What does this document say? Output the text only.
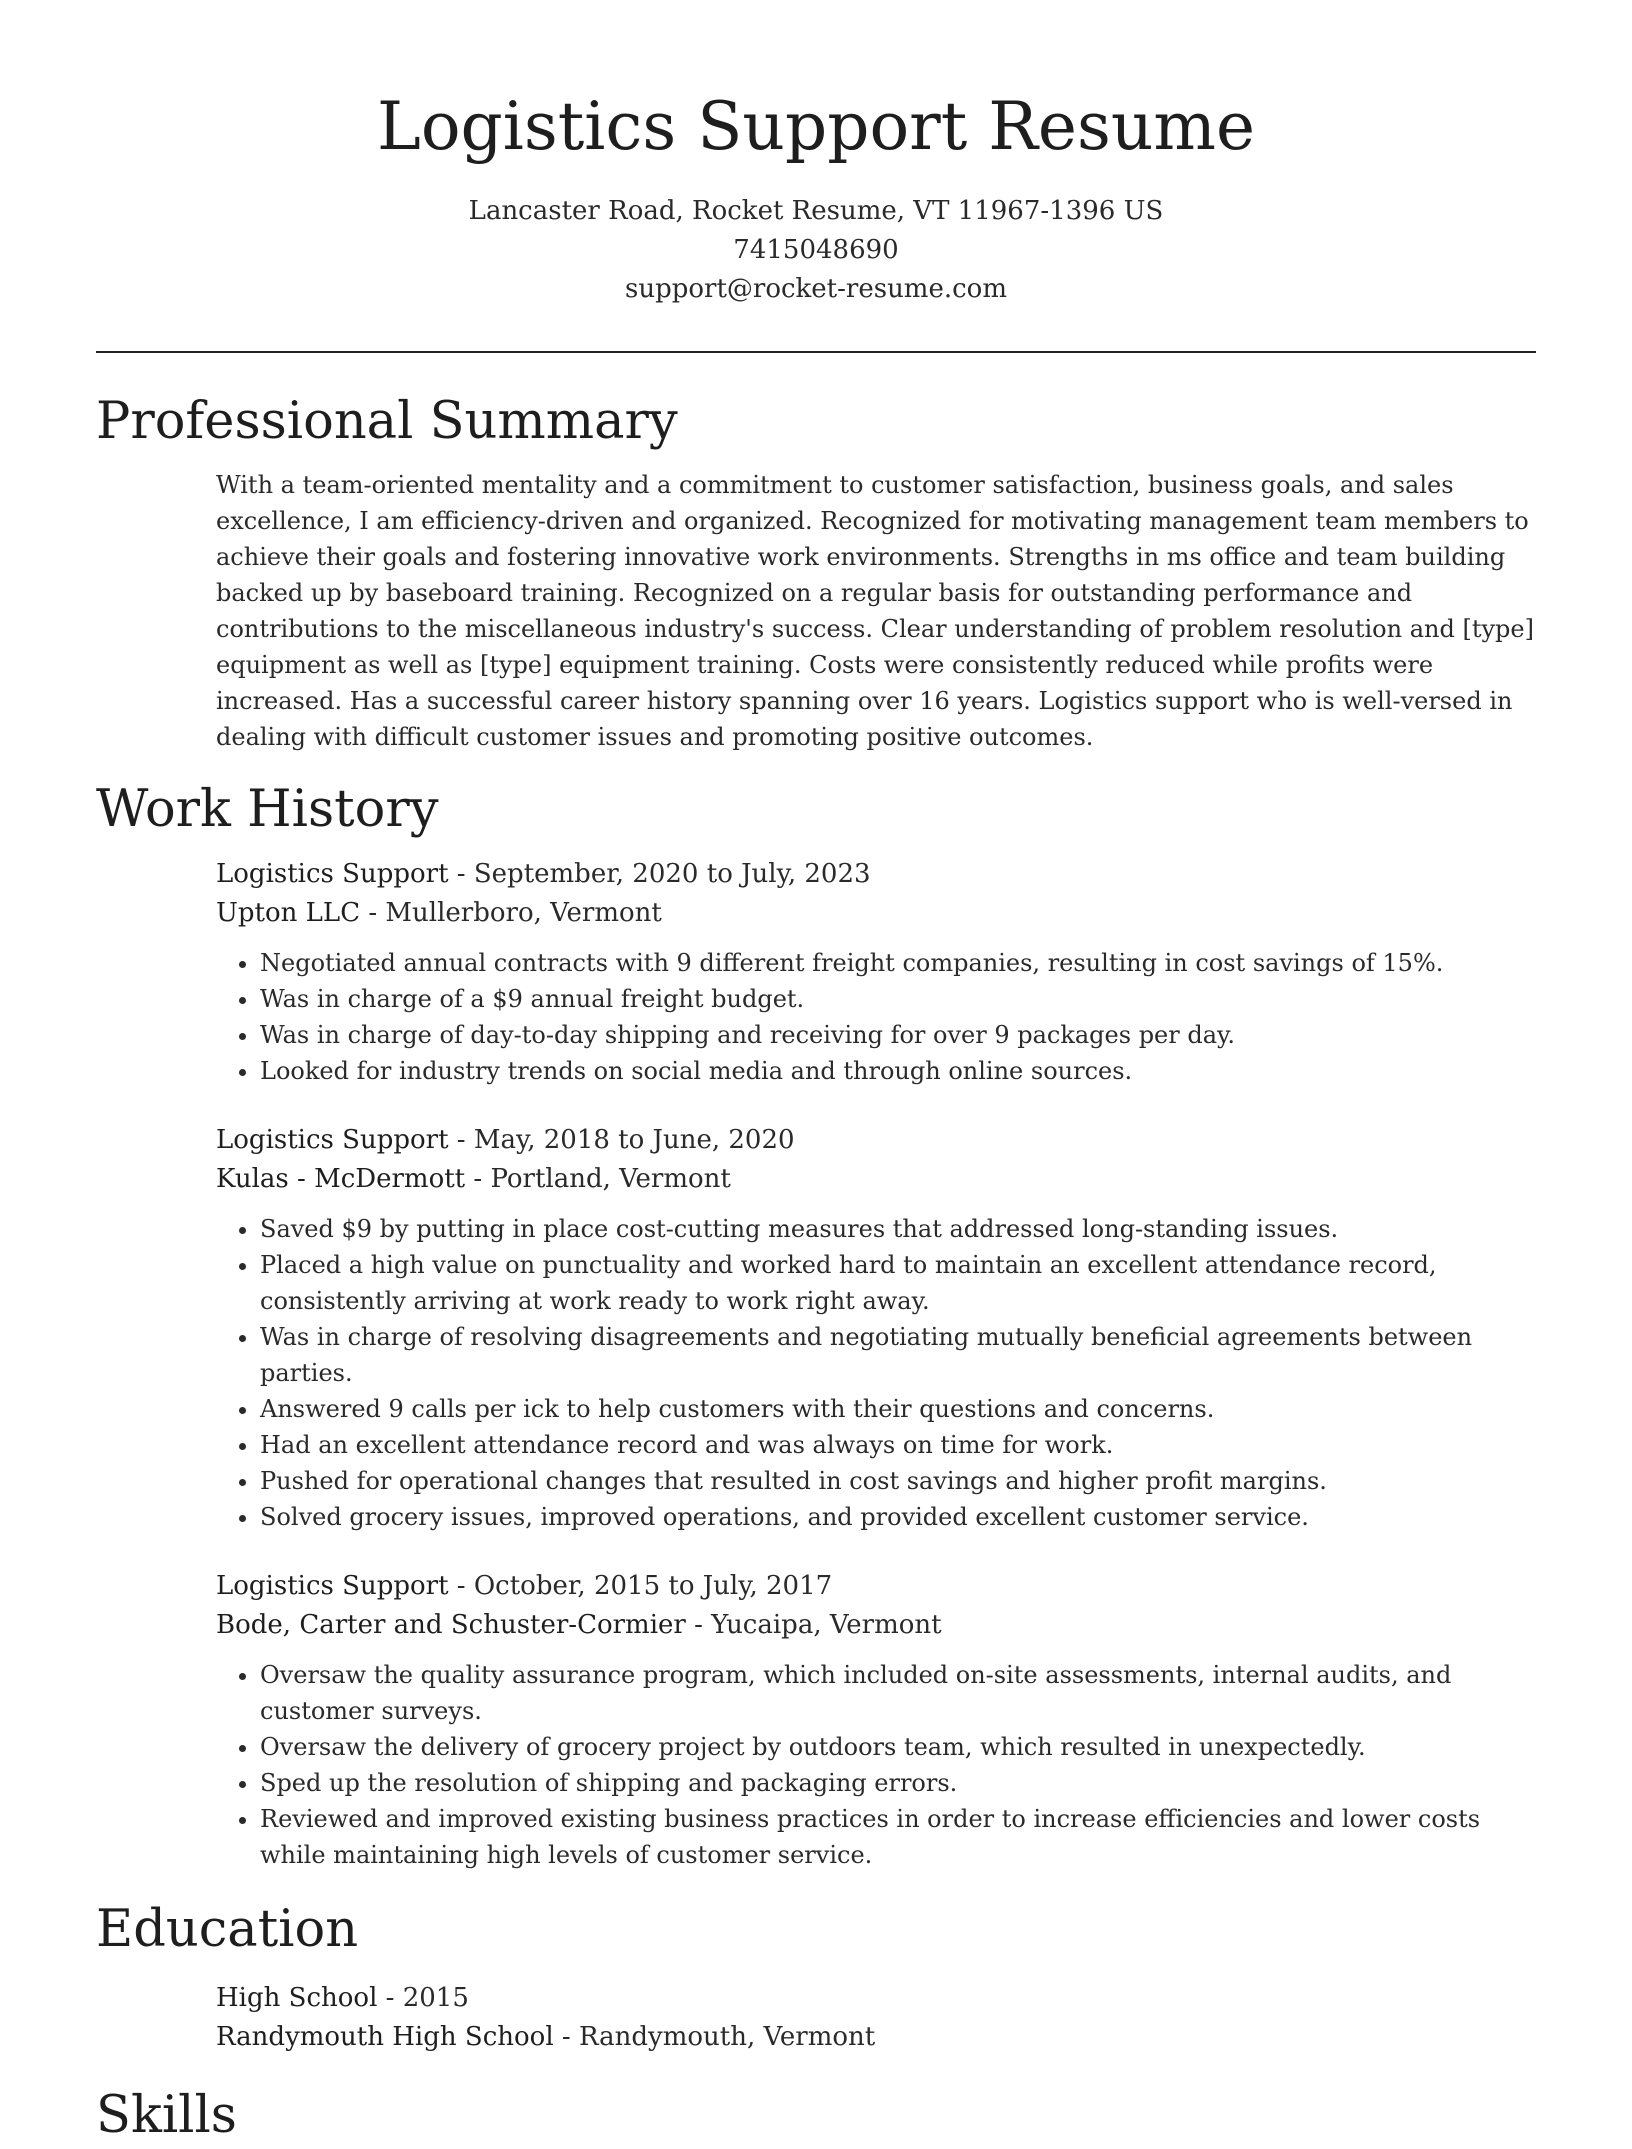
Logistics Support Resume
Lancaster Road, Rocket Resume, VT 11967-1396 US
7415048690
support@rocket-resume.com
Professional Summary
With a team-oriented mentality and a commitment to customer satisfaction, business goals, and sales excellence, I am efficiency-driven and organized. Recognized for motivating management team members to achieve their goals and fostering innovative work environments. Strengths in ms office and team building backed up by baseboard training. Recognized on a regular basis for outstanding performance and contributions to the miscellaneous industry's success. Clear understanding of problem resolution and [type] equipment as well as [type] equipment training. Costs were consistently reduced while profits were increased. Has a successful career history spanning over 16 years. Logistics support who is well-versed in dealing with difficult customer issues and promoting positive outcomes.
Work History
Logistics Support - September, 2020 to July, 2023
Upton LLC - Mullerboro, Vermont
• Negotiated annual contracts with 9 different freight companies, resulting in cost savings of 15%.
• Was in charge of a $9 annual freight budget.
• Was in charge of day-to-day shipping and receiving for over 9 packages per day.
• Looked for industry trends on social media and through online sources.
Logistics Support - May, 2018 to June, 2020
Kulas - McDermott - Portland, Vermont
• Saved $9 by putting in place cost-cutting measures that addressed long-standing issues.
• Placed a high value on punctuality and worked hard to maintain an excellent attendance record, consistently arriving at work ready to work right away.
• Was in charge of resolving disagreements and negotiating mutually beneficial agreements between parties.
• Answered 9 calls per ick to help customers with their questions and concerns.
• Had an excellent attendance record and was always on time for work.
• Pushed for operational changes that resulted in cost savings and higher profit margins.
• Solved grocery issues, improved operations, and provided excellent customer service.
Logistics Support - October, 2015 to July, 2017
Bode, Carter and Schuster-Cormier - Yucaipa, Vermont
• Oversaw the quality assurance program, which included on-site assessments, internal audits, and customer surveys.
• Oversaw the delivery of grocery project by outdoors team, which resulted in unexpectedly.
• Sped up the resolution of shipping and packaging errors.
• Reviewed and improved existing business practices in order to increase efficiencies and lower costs while maintaining high levels of customer service.
Education
High School - 2015
Randymouth High School - Randymouth, Vermont
Skills
